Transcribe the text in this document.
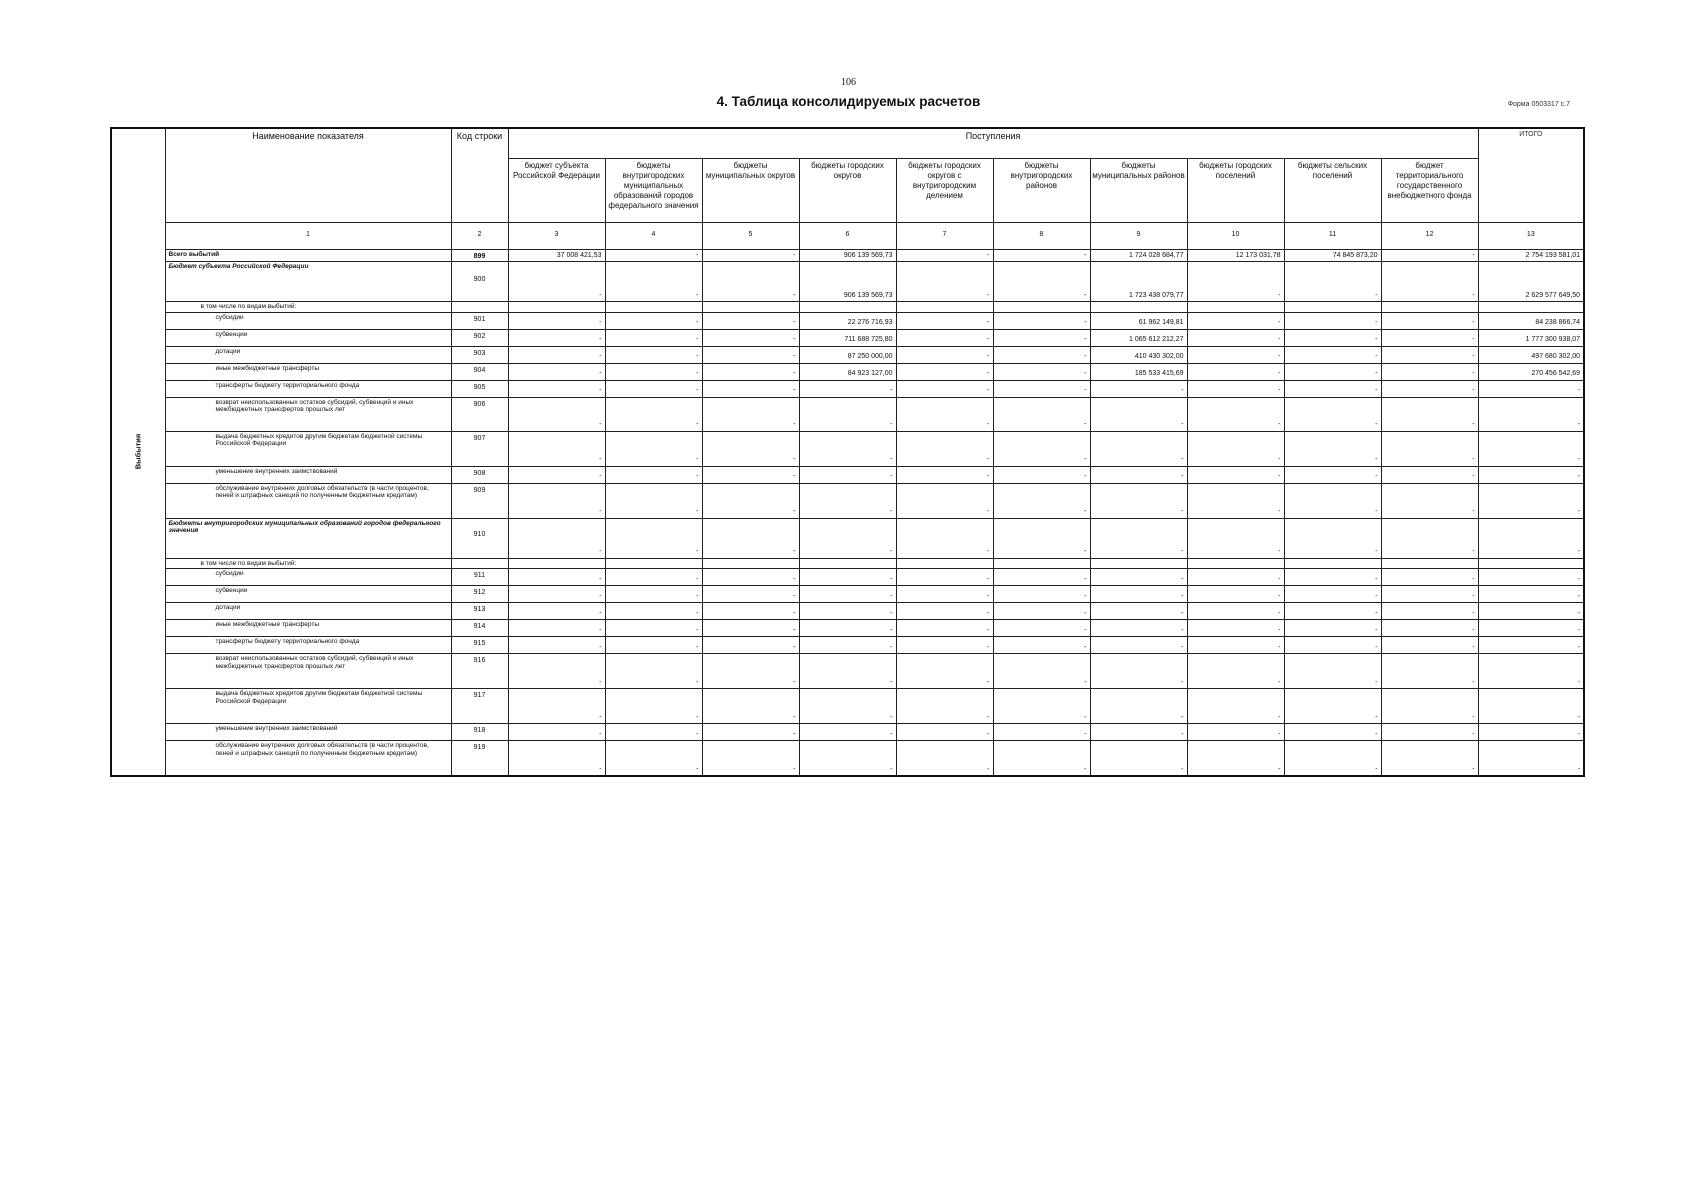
106
4. Таблица консолидируемых расчетов	Форма 0503317 с.7
Выбытия	Наименование показателя	Код строки	Поступления										ИТОГО
			бюджет субъекта Российской Федерации	бюджеты внутригородских муниципальных образований городов федерального значения	бюджеты муниципальных округов	бюджеты городских округов	бюджеты городских округов с внутригородским делением	бюджеты внутригородских районов	бюджеты муниципальных районов	бюджеты городских поселений	бюджеты сельских поселений	бюджет территориального государственного внебюджетного фонда	
	1	2	3	4	5	6	7	8	9	10	11	12	13
	Всего выбытий	899	37 008 421,53	-	-	906 139 569,73	-	-	1 724 028 684,77	12 173 031,78	74 845 873,20	-	2 754 193 581,01
	Бюджет субъекта Российской Федерации	900	-	-	-	906 139 569,73	-	-	1 723 438 079,77	-	-	-	2 629 577 649,50
	в том числе по видам выбытий:												
	субсидии	901	-	-	-	22 276 716,93	-	-	61 962 149,81	-	-	-	84 238 866,74
	субвенции	902	-	-	-	711 688 725,80	-	-	1 065 612 212,27	-	-	-	1 777 300 938,07
	дотации	903	-	-	-	87 250 000,00	-	-	410 430 302,00	-	-	-	497 680 302,00
	иные межбюджетные трансферты	904	-	-	-	84 923 127,00	-	-	185 533 415,69	-	-	-	270 456 542,69
	трансферты бюджету территориального фонда	905	-	-	-	-	-	-	-	-	-	-	-
	возврат неиспользованных остатков субсидий, субвенций и иных межбюджетных трансфертов прошлых лет	906	-	-	-	-	-	-	-	-	-	-	-
	выдача бюджетных кредитов другим бюджетам бюджетной системы Российской Федерации	907	-	-	-	-	-	-	-	-	-	-	-
	уменьшение внутренних заимствований	908	-	-	-	-	-	-	-	-	-	-	-
	обслуживание внутренних долговых обязательств (в части процентов, пеней и штрафных санкций по полученным бюджетным кредитам)	909	-	-	-	-	-	-	-	-	-	-	-
	Бюджеты внутригородских муниципальных образований городов федерального значения	910	-	-	-	-	-	-	-	-	-	-	-
	в том числе по видам выбытий:												
	субсидии	911	-	-	-	-	-	-	-	-	-	-	-
	субвенции	912	-	-	-	-	-	-	-	-	-	-	-
	дотации	913	-	-	-	-	-	-	-	-	-	-	-
	иные межбюджетные трансферты	914	-	-	-	-	-	-	-	-	-	-	-
	трансферты бюджету территориального фонда	915	-	-	-	-	-	-	-	-	-	-	-
	возврат неиспользованных остатков субсидий, субвенций и иных межбюджетных трансфертов прошлых лет	916	-	-	-	-	-	-	-	-	-	-	-
	выдача бюджетных кредитов другим бюджетам бюджетной системы Российской Федерации	917	-	-	-	-	-	-	-	-	-	-	-
	уменьшение внутренних заимствований	918	-	-	-	-	-	-	-	-	-	-	-
	обслуживание внутренних долговых обязательств (в части процентов, пеней и штрафных санкций по полученным бюджетным кредитам)	919	-	-	-	-	-	-	-	-	-	-	-
